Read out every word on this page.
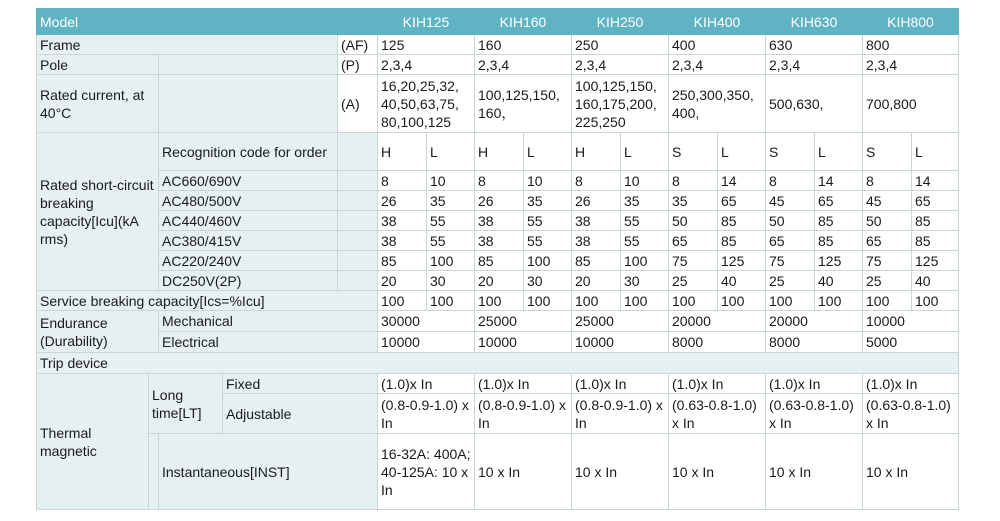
Model					KIH125		KIH160		KIH250		KIH400		KIH630		KIH800	
Frame				(AF)	125		160		250		400		630		800	
Pole				(P)	2,3,4		2,3,4		2,3,4		2,3,4		2,3,4		2,3,4	
Rated current, at 40°C				(A)	16,20,25,32, 40,50,63,75, 80,100,125		100,125,150, 160，		100,125,150, 160,175,200, 225,250		250,300,350, 400,		500,630,		700,800	
Rated short-circuit breaking capacity[Icu](kA rms)		Recognition code for order			H	L	H	L	H	L	S	L	S	L	S	L
		AC660/690V			8	10	8	10	8	10	8	14	8	14	8	14
		AC480/500V			26	35	26	35	26	35	35	65	45	65	45	65
		AC440/460V			38	55	38	55	38	55	50	85	50	85	50	85
		AC380/415V			38	55	38	55	38	55	65	85	65	85	65	85
		AC220/240V			85	100	85	100	85	100	75	125	75	125	75	125
		DC250V(2P)			20	30	20	30	20	30	25	40	25	40	25	40
Service breaking capacity[Ics=%Icu]					100	100	100	100	100	100	100	100	100	100	100	100
Endurance (Durability)		Mechanical			30000		25000		25000		20000		20000		10000	
		Electrical			10000		10000		10000		8000		8000		5000	
Trip device																
Thermal magnetic	Long time[LT]		Fixed		(1.0)x In		(1.0)x In		(1.0)x In		(1.0)x In		(1.0)x In		(1.0)x In	
			Adjustable		(0.8-0.9-1.0) x In		(0.8-0.9-1.0) x In		(0.8-0.9-1.0) x In		(0.63-0.8-1.0) x In		(0.63-0.8-1.0) x In		(0.63-0.8-1.0) x In	
		Instantaneous[INST]			16-32A: 400A; 40-125A: 10 x In		10 x In		10 x In		10 x In		10 x In		10 x In	
